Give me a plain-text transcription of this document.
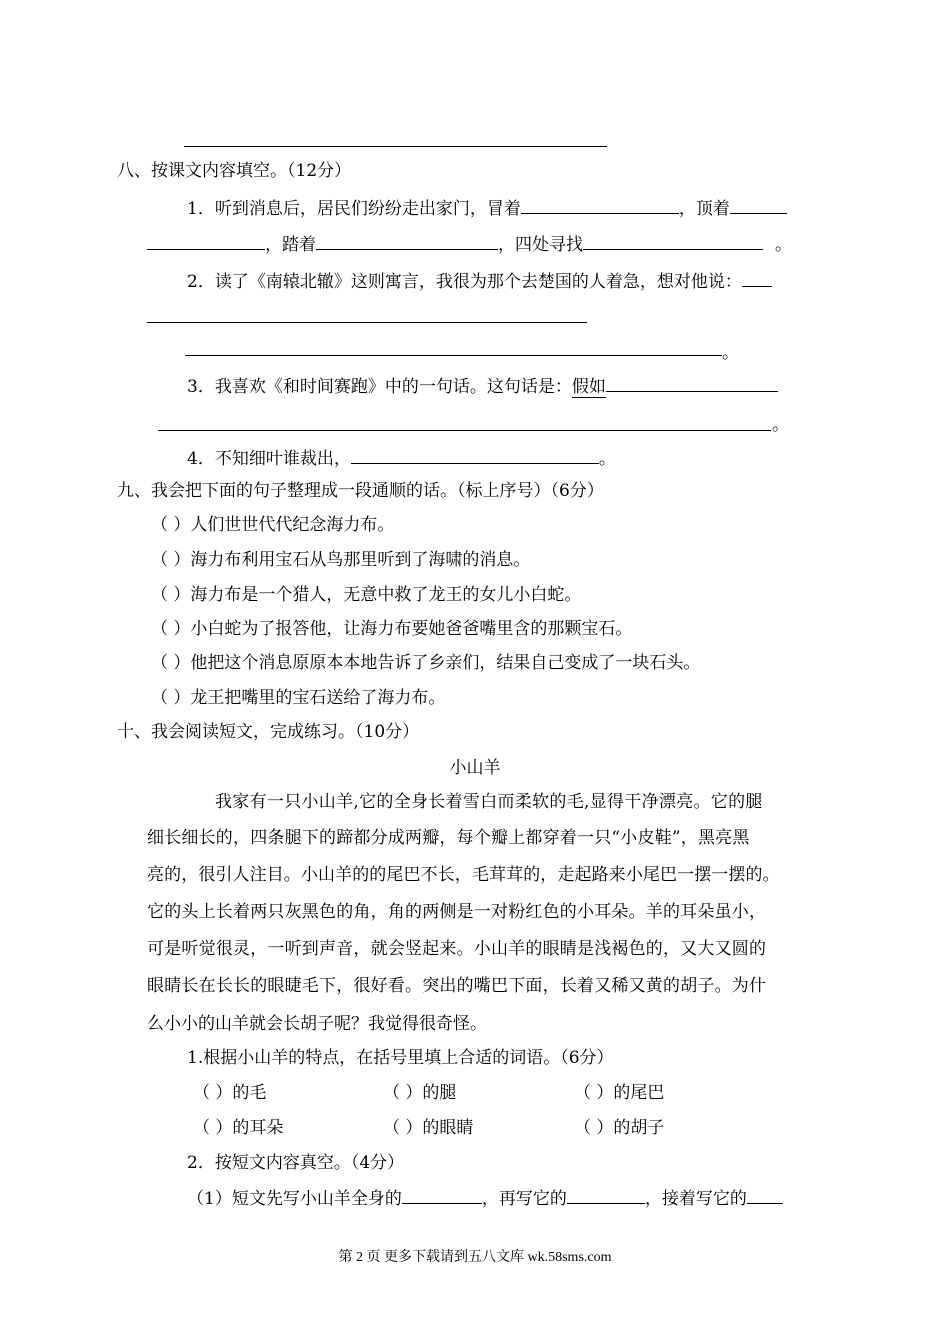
八、按课文内容填空。（12分）
1．听到消息后，居民们纷纷走出家门，冒着	，顶着
，踏着	，四处寻找	。
2．读了《南辕北辙》这则寓言，我很为那个去楚国的人着急，想对他说：
。
3．我喜欢《和时间赛跑》中的一句话。这句话是：假如
。
4．不知细叶谁裁出，	。
九、我会把下面的句子整理成一段通顺的话。（标上序号）（6分）
（ ）人们世世代代纪念海力布。
（ ）海力布利用宝石从鸟那里听到了海啸的消息。
（ ）海力布是一个猎人，无意中救了龙王的女儿小白蛇。
（ ）小白蛇为了报答他，让海力布要她爸爸嘴里含的那颗宝石。
（ ）他把这个消息原原本本地告诉了乡亲们，结果自己变成了一块石头。
（ ）龙王把嘴里的宝石送给了海力布。
十、我会阅读短文，完成练习。（10分）
小山羊
我家有一只小山羊,它的全身长着雪白而柔软的毛,显得干净漂亮。它的腿
细长细长的，四条腿下的蹄都分成两瓣，每个瓣上都穿着一只“小皮鞋”，黑亮黑
亮的，很引人注目。小山羊的的尾巴不长，毛茸茸的，走起路来小尾巴一摆一摆的。
它的头上长着两只灰黑色的角，角的两侧是一对粉红色的小耳朵。羊的耳朵虽小，
可是听觉很灵，一听到声音，就会竖起来。小山羊的眼睛是浅褐色的，又大又圆的
眼睛长在长长的眼睫毛下，很好看。突出的嘴巴下面，长着又稀又黄的胡子。为什
么小小的山羊就会长胡子呢？我觉得很奇怪。
1.根据小山羊的特点，在括号里填上合适的词语。（6分）
（ ）的毛	（ ）的腿	（ ）的尾巴
（ ）的耳朵	（ ）的眼睛	（ ）的胡子
2．按短文内容真空。（4分）
（1）短文先写小山羊全身的	，再写它的	，接着写它的
第 2 页 更多下载请到五八文库 wk.58sms.com
